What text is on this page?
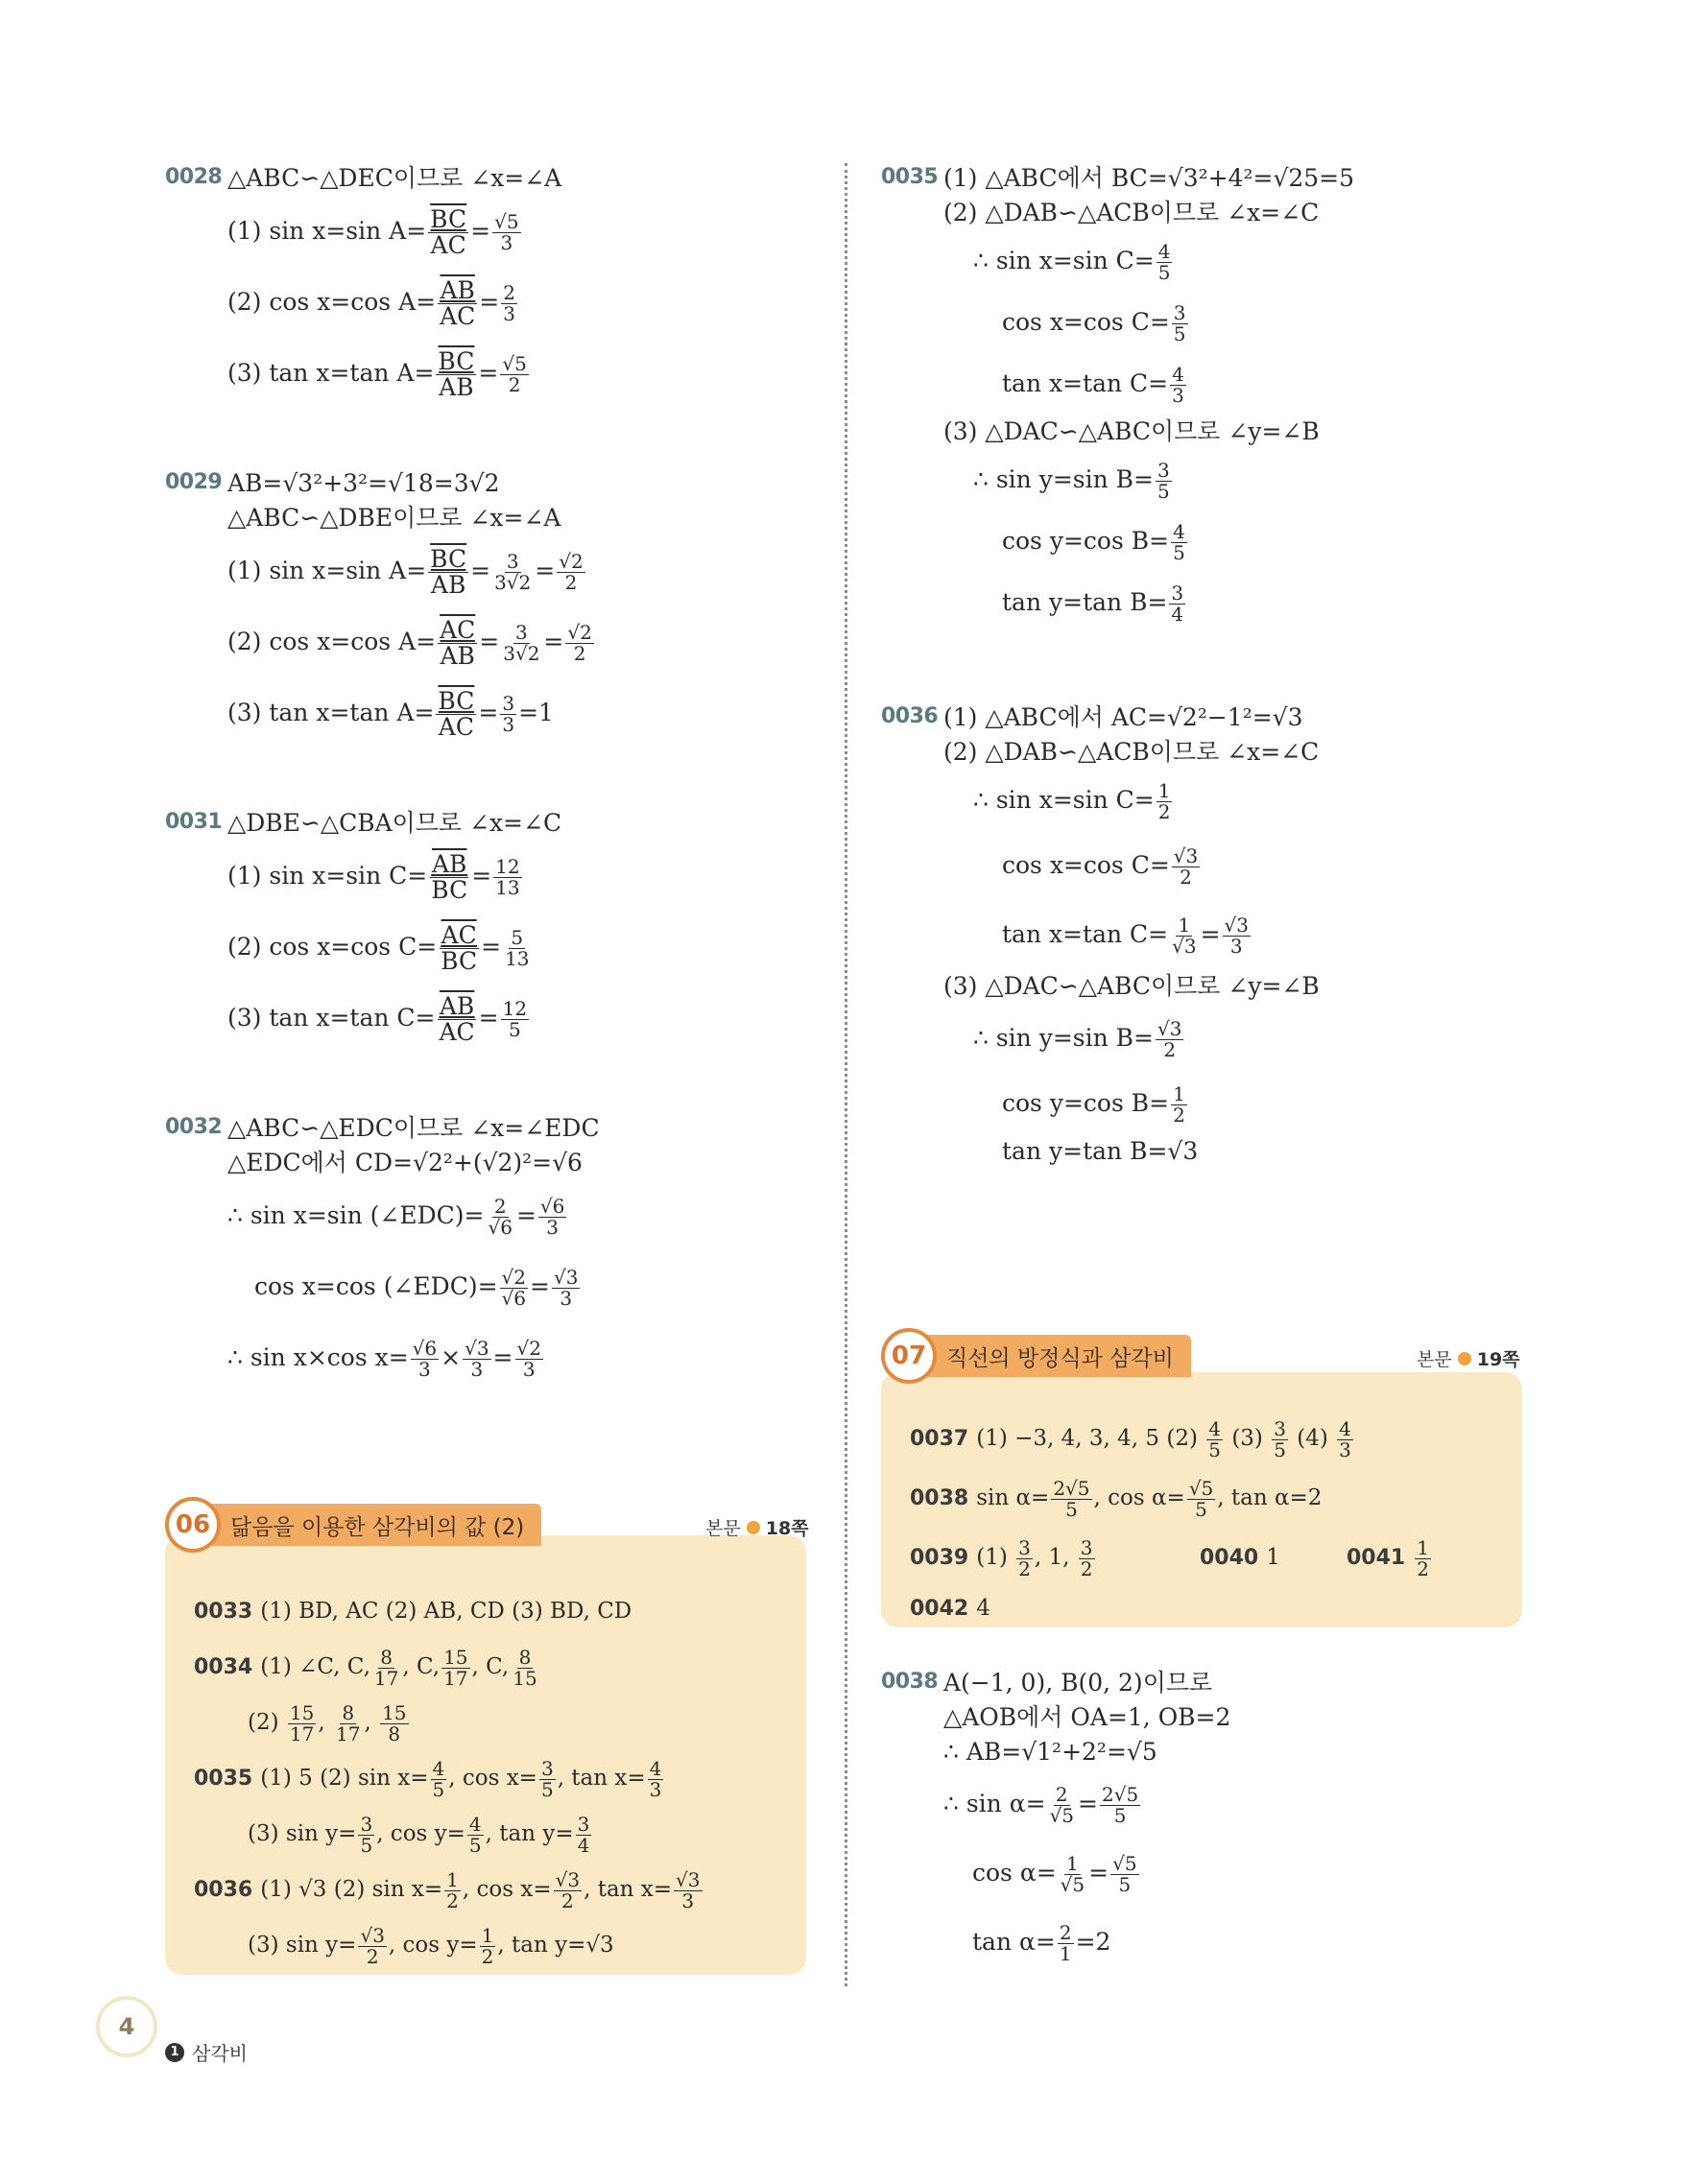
0028 △ABC∽△DEC이므로 ∠x=∠A
(1) sin x=sin $A= \frac{\overline{BC}}{AC} = \frac{√5}{3}$
(2) cos x=cos $A= \frac{\overline{AB}}{AC} = \frac{2}{3}$
(3) tan x=tan $A= \frac{\overline{BC}}{AB} = \frac{√5}{2}$
0029 AB=√3²+3²=√18=3√2
△ABC∽△DBE이므로 ∠x=∠A
(1) sin x=sin $A= \frac{\overline{BC}}{AB} = \frac{3}{3√2} = \frac{√2}{2}$
(2) cos x=cos $A= \frac{\overline{AC}}{AB} = \frac{3}{3√2} = \frac{√2}{2}$
(3) tan x=tan $A= \frac{\overline{BC}}{AC} = \frac{3}{3} =1$
0031 △DBE∽△CBA이므로 ∠x=∠C
(1) sin x=sin $C= \frac{\overline{AB}}{BC} = \frac{12}{13}$
(2) cos x=cos $C= \frac{\overline{AC}}{BC} = \frac{5}{13}$
(3) tan x=tan $C= \frac{\overline{AB}}{AC} = \frac{12}{5}$
0032 △ABC∽△EDC이므로 ∠x=∠EDC
△EDC에서 CD=√2²+(√2)²=√6
∴ sin x=sin (∠EDC)= $\frac{2}{√6} = \frac{√6}{3}$
cos x=cos (∠EDC)= $\frac{√2}{√6} = \frac{√3}{3}$
∴ sin x×cos $x= \frac{√6}{3} \times \frac{√3}{3} = \frac{√2}{3}$
0033 (1) BD, AC (2) AB, CD (3) BD, CD
0034 (1) ∠C, C, $\frac{8}{17}$ , C, $\frac{15}{17}$ , C, $\frac{8}{15}$
$(2) \frac{15}{17}$ , $\frac{8}{17}$ , $\frac{15}{8}$
0035 (1) 5 (2) $\sin x= \frac{4}{5}$ , $\cos x= \frac{3}{5}$ , $\tan x= \frac{4}{3}$
(3) $\sin y= \frac{3}{5}$ , $\cos y= \frac{4}{5}$ , $\tan y= \frac{3}{4}$
0036 (1) √3 (2) $\sin x= \frac{1}{2}$ , $\cos x= \frac{√3}{2}$ , $\tan x= \frac{√3}{3}$
(3) $\sin y= \frac{√3}{2}$ , $\cos y= \frac{1}{2}$ , tan y=√3
06 닮음을 이용한 삼각비의 값 (2)	본문 18쪽
0035 (1) △ABC에서 BC=√3²+4²=√25=5
(2) △DAB∽△ACB이므로 ∠x=∠C
∴ sin x=sin $C= \frac{4}{5}$
cos x=cos $C= \frac{3}{5}$
tan x=tan $C= \frac{4}{3}$
(3) △DAC∽△ABC이므로 ∠y=∠B
∴ sin y=sin $B= \frac{3}{5}$
cos y=cos $B= \frac{4}{5}$
tan y=tan $B= \frac{3}{4}$
0036 (1) △ABC에서 AC=√2²−1²=√3
(2) △DAB∽△ACB이므로 ∠x=∠C
∴ sin x=sin $C= \frac{1}{2}$
cos x=cos $C= \frac{√3}{2}$
tan x=tan $C= \frac{1}{√3} = \frac{√3}{3}$
(3) △DAC∽△ABC이므로 ∠y=∠B
∴ sin y=sin $B= \frac{√3}{2}$
cos y=cos $B= \frac{1}{2}$
tan y=tan B=√3
0037 (1) −3, 4, 3, 4, 5 $(2) \frac{4}{5} (3) \frac{3}{5} (4) \frac{4}{3}$
0038 $\sin \alpha= \frac{2√5}{5}$ , $\cos \alpha= \frac{√5}{5}$ , tan α=2
0039 $(1) \frac{3}{2}$ , 1, $\frac{3}{2}$	0040 1	$0041 \frac{1}{2}$
0042 4
07 직선의 방정식과 삼각비	본문 19쪽
0038 A(−1, 0), B(0, 2)이므로
△AOB에서 OA=1, OB=2
∴ AB=√1²+2²=√5
∴ $\sin \alpha= \frac{2}{√5} = \frac{2√5}{5}$
$\cos \alpha= \frac{1}{√5} = \frac{√5}{5}$
$\tan \alpha= \frac{2}{1} =2$
4
1 삼각비
